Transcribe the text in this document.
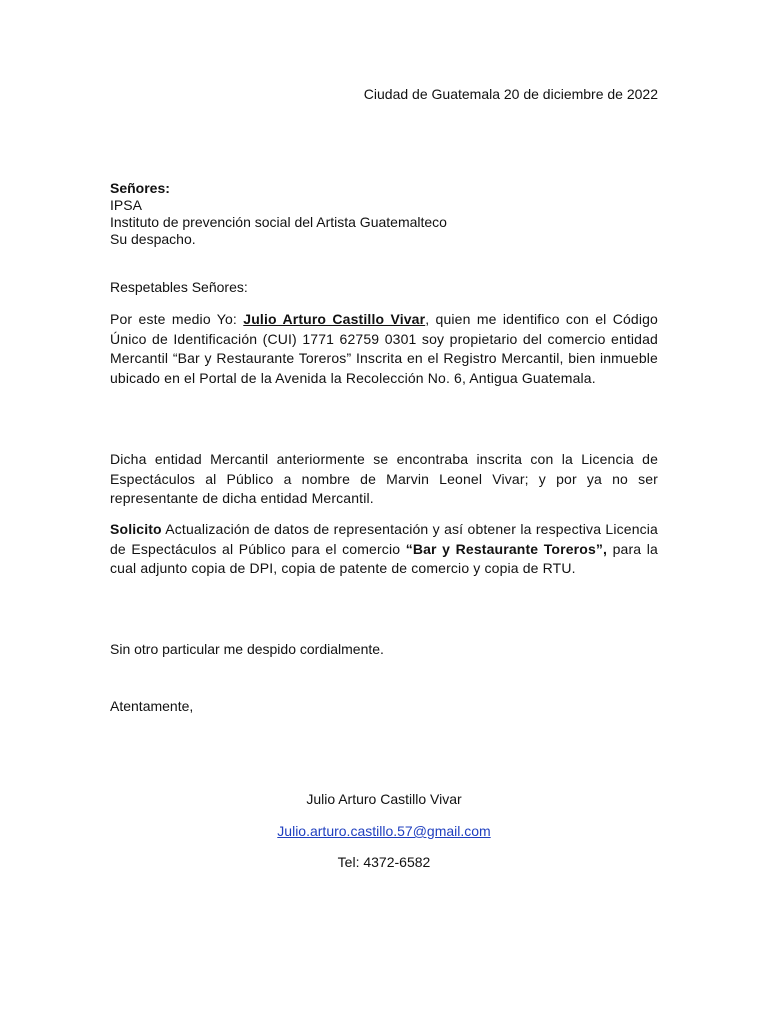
Ciudad de Guatemala 20 de diciembre de 2022

Señores:
IPSA
Instituto de prevención social del Artista Guatemalteco
Su despacho.

Respetables Señores:

Por este medio Yo: Julio Arturo Castillo Vivar, quien me identifico con el Código Único de Identificación (CUI) 1771 62759 0301 soy propietario del comercio entidad Mercantil “Bar y Restaurante Toreros” Inscrita en el Registro Mercantil, bien inmueble ubicado en el Portal de la Avenida la Recolección No. 6, Antigua Guatemala.

Dicha entidad Mercantil anteriormente se encontraba inscrita con la Licencia de Espectáculos al Público a nombre de Marvin Leonel Vivar; y por ya no ser representante de dicha entidad Mercantil.

Solicito Actualización de datos de representación y así obtener la respectiva Licencia de Espectáculos al Público para el comercio “Bar y Restaurante Toreros”, para la cual adjunto copia de DPI, copia de patente de comercio y copia de RTU.

Sin otro particular me despido cordialmente.

Atentamente,

Julio Arturo Castillo Vivar

Julio.arturo.castillo.57@gmail.com

Tel: 4372-6582
